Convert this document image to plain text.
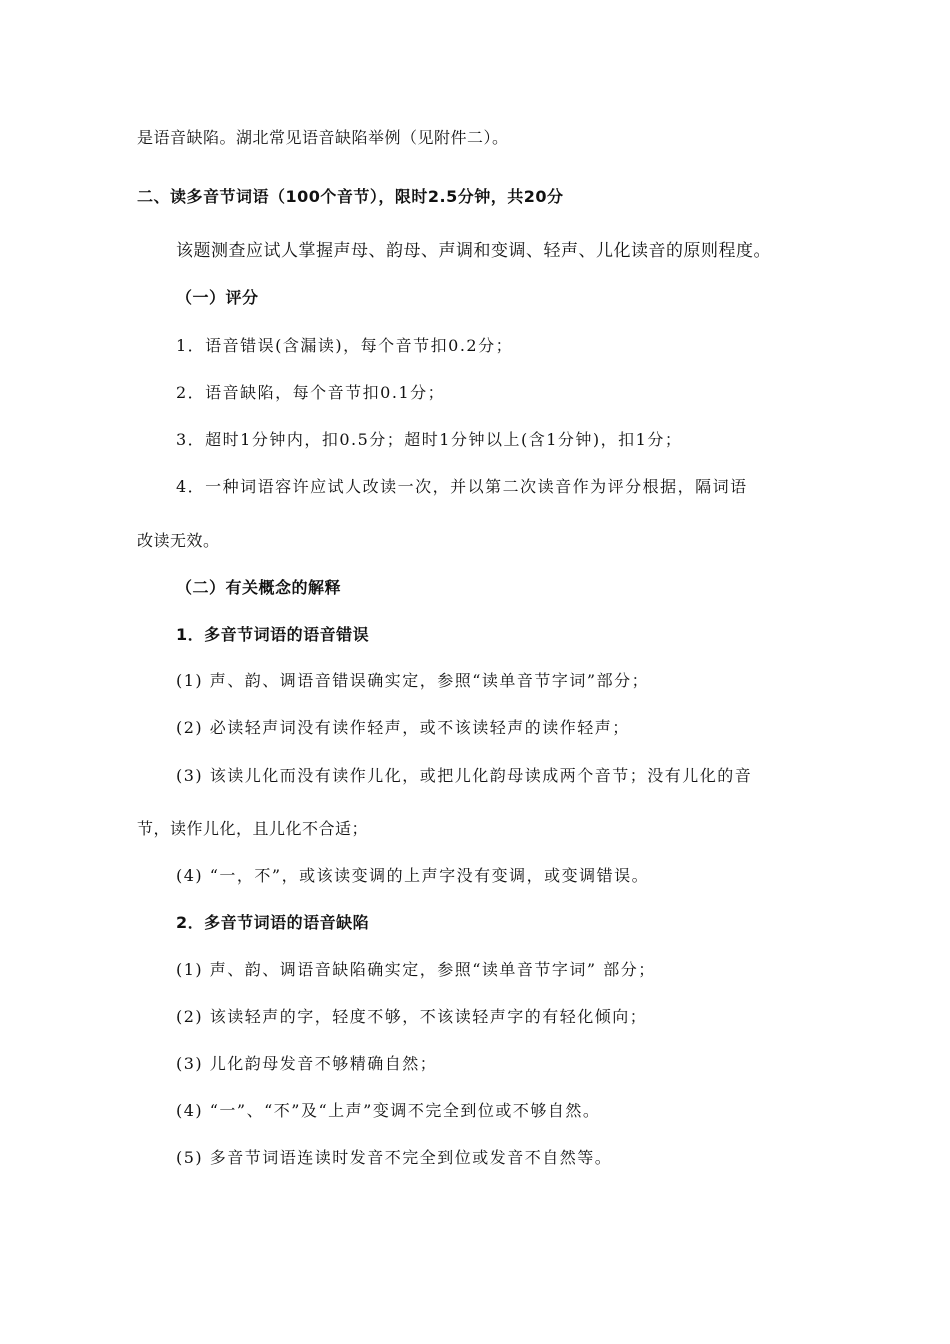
是语音缺陷。湖北常见语音缺陷举例（见附件二）。
二、读多音节词语（100个音节），限时2.5分钟，共20分
该题测查应试人掌握声母、韵母、声调和变调、轻声、儿化读音的原则程度。
（一）评分
1．语音错误(含漏读)，每个音节扣0.2分；
2．语音缺陷，每个音节扣0.1分；
3．超时1分钟内，扣0.5分；超时1分钟以上(含1分钟)，扣1分；
4．一种词语容许应试人改读一次，并以第二次读音作为评分根据，隔词语
改读无效。
（二）有关概念的解释
1．多音节词语的语音错误
(1) 声、韵、调语音错误确实定，参照“读单音节字词”部分；
(2) 必读轻声词没有读作轻声，或不该读轻声的读作轻声；
(3) 该读儿化而没有读作儿化，或把儿化韵母读成两个音节；没有儿化的音
节，读作儿化，且儿化不合适；
(4) “一，不”，或该读变调的上声字没有变调，或变调错误。
2．多音节词语的语音缺陷
(1) 声、韵、调语音缺陷确实定，参照“读单音节字词” 部分；
(2) 该读轻声的字，轻度不够，不该读轻声字的有轻化倾向；
(3) 儿化韵母发音不够精确自然；
(4) “一”、“不”及“上声”变调不完全到位或不够自然。
(5) 多音节词语连读时发音不完全到位或发音不自然等。
